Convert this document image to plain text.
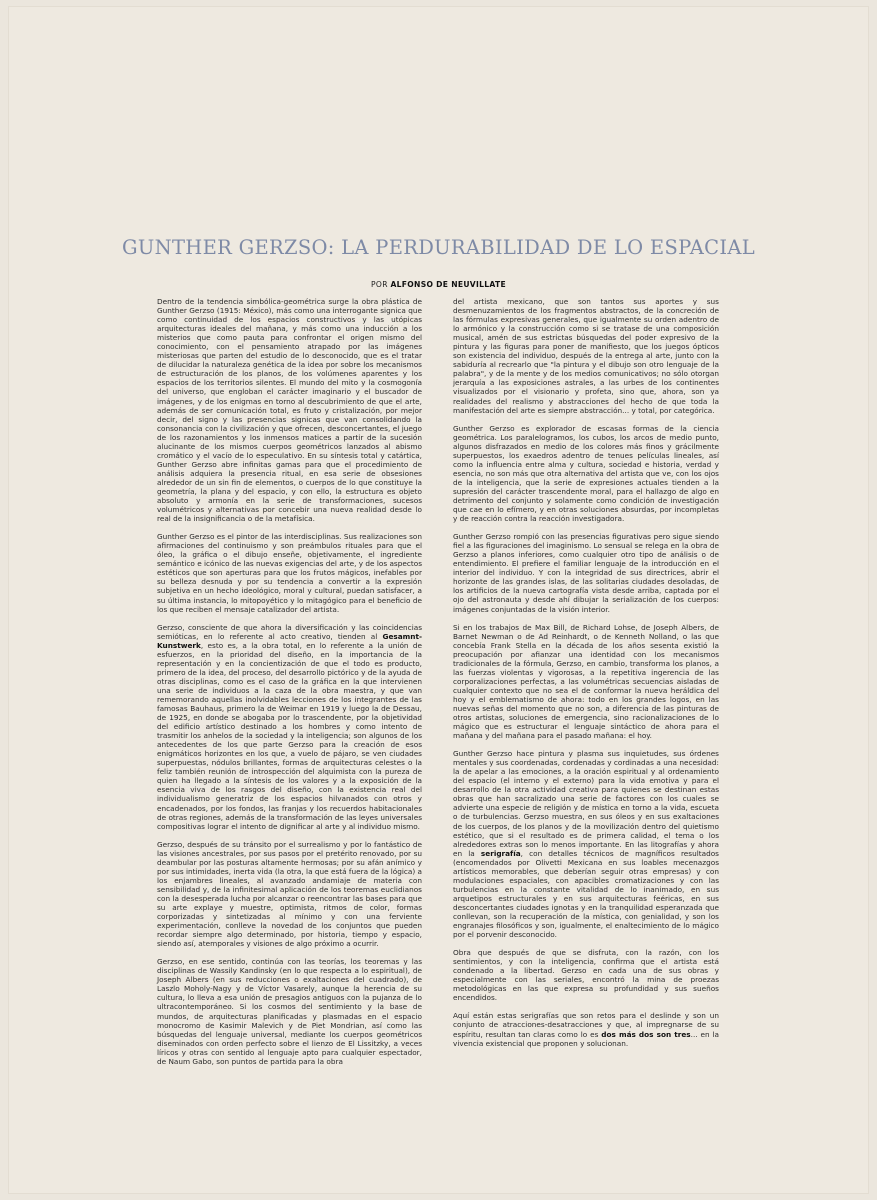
GUNTHER GERZSO: LA PERDURABILIDAD DE LO ESPACIAL
POR ALFONSO DE NEUVILLATE

Dentro de la tendencia simbólica-geométrica surge la obra plástica de Gunther Gerzso (1915: México), más como una interrogante signica que como continuidad de los espacios constructivos y las utópicas arquitecturas ideales del mañana, y más como una inducción a los misterios que como pauta para confrontar el origen mismo del conocimiento, con el pensamiento atrapado por las imágenes misteriosas que parten del estudio de lo desconocido, que es el tratar de dilucidar la naturaleza genética de la idea por sobre los mecanismos de estructuración de los planos, de los volúmenes aparentes y los espacios de los territorios silentes. El mundo del mito y la cosmogonía del universo, que engloban el carácter imaginario y el buscador de imágenes, y de los enigmas en torno al descubrimiento de que el arte, además de ser comunicación total, es fruto y cristalización, por mejor decir, del signo y las presencias signicas que van consolidando la consonancia con la civilización y que ofrecen, desconcertantes, el juego de los razonamientos y los inmensos matices a partir de la sucesión alucinante de los mismos cuerpos geométricos lanzados al abismo cromático y el vacío de lo especulativo. En su síntesis total y catártica, Gunther Gerzso abre infinitas gamas para que el procedimiento de análisis adquiera la presencia ritual, en esa serie de obsesiones alrededor de un sin fin de elementos, o cuerpos de lo que constituye la geometría, la plana y del espacio, y con ello, la estructura es objeto absoluto y armonía en la serie de transformaciones, sucesos volumétricos y alternativas por concebir una nueva realidad desde lo real de la insignificancia o de la metafísica.

Gunther Gerzso es el pintor de las interdisciplinas. Sus realizaciones son afirmaciones del continuismo y son preámbulos rituales para que el óleo, la gráfica o el dibujo enseñe, objetivamente, el ingrediente semántico e icónico de las nuevas exigencias del arte, y de los aspectos estéticos que son aperturas para que los frutos mágicos, inefables por su belleza desnuda y por su tendencia a convertir a la expresión subjetiva en un hecho ideológico, moral y cultural, puedan satisfacer, a su última instancia, lo mitopoyético y lo mitagógico para el beneficio de los que reciben el mensaje catalizador del artista.

Gerzso, consciente de que ahora la diversificación y las coincidencias semióticas, en lo referente al acto creativo, tienden al Gesamnt-Kunstwerk, esto es, a la obra total, en lo referente a la unión de esfuerzos, en la prioridad del diseño, en la importancia de la representación y en la concientización de que el todo es producto, primero de la idea, del proceso, del desarrollo pictórico y de la ayuda de otras disciplinas, como es el caso de la gráfica en la que intervienen una serie de individuos a la caza de la obra maestra, y que van rememorando aquellas inolvidables lecciones de los integrantes de las famosas Bauhaus, primero la de Weimar en 1919 y luego la de Dessau, de 1925, en donde se abogaba por lo trascendente, por la objetividad del edificio artístico destinado a los hombres y como intento de trasmitir los anhelos de la sociedad y la inteligencia; son algunos de los antecedentes de los que parte Gerzso para la creación de esos enigmáticos horizontes en los que, a vuelo de pájaro, se ven ciudades superpuestas, nódulos brillantes, formas de arquitecturas celestes o la feliz también reunión de introspección del alquimista con la pureza de quien ha llegado a la síntesis de los valores y a la exposición de la esencia viva de los rasgos del diseño, con la existencia real del individualismo generatriz de los espacios hilvanados con otros y encadenados, por los fondos, las franjas y los recuerdos habitacionales de otras regiones, además de la transformación de las leyes universales compositivas lograr el intento de dignificar al arte y al individuo mismo.

Gerzso, después de su tránsito por el surrealismo y por lo fantástico de las visiones ancestrales, por sus pasos por el pretérito renovado, por su deambular por las posturas altamente hermosas; por su afán anímico y por sus intimidades, inerta vida (la otra, la que está fuera de la lógica) a los enjambres lineales, al avanzado andamiaje de materia con sensibilidad y, de la infinitesimal aplicación de los teoremas euclidianos con la desesperada lucha por alcanzar o reencontrar las bases para que su arte explaye y muestre, optimista, ritmos de color, formas corporizadas y sintetizadas al mínimo y con una ferviente experimentación, conlleve la novedad de los conjuntos que pueden recordar siempre algo determinado, por historia, tiempo y espacio, siendo así, atemporales y visiones de algo próximo a ocurrir.

Gerzso, en ese sentido, continúa con las teorías, los teoremas y las disciplinas de Wassily Kandinsky (en lo que respecta a lo espiritual), de Joseph Albers (en sus reducciones o exaltaciones del cuadrado), de Laszlo Moholy-Nagy y de Víctor Vasarely, aunque la herencia de su cultura, lo lleva a esa unión de presagios antiguos con la pujanza de lo ultracontemporáneo. Si los cosmos del sentimiento y la base de mundos, de arquitecturas planificadas y plasmadas en el espacio monocromo de Kasimir Malevich y de Piet Mondrian, así como las búsquedas del lenguaje universal, mediante los cuerpos geométricos diseminados con orden perfecto sobre el lienzo de El Lissitzky, a veces líricos y otras con sentido al lenguaje apto para cualquier espectador, de Naum Gabo, son puntos de partida para la obra

del artista mexicano, que son tantos sus aportes y sus desmenuzamientos de los fragmentos abstractos, de la concreción de las fórmulas expresivas generales, que igualmente su orden adentro de lo armónico y la construcción como si se tratase de una composición musical, amén de sus estrictas búsquedas del poder expresivo de la pintura y las figuras para poner de manifiesto, que los juegos ópticos son existencia del individuo, después de la entrega al arte, junto con la sabiduría al recrearlo que "la pintura y el dibujo son otro lenguaje de la palabra", y de la mente y de los medios comunicativos; no sólo otorgan jerarquía a las exposiciones astrales, a las urbes de los continentes visualizados por el visionario y profeta, sino que, ahora, son ya realidades del realismo y abstracciones del hecho de que toda la manifestación del arte es siempre abstracción... y total, por categórica.

Gunther Gerzso es explorador de escasas formas de la ciencia geométrica. Los paralelogramos, los cubos, los arcos de medio punto, algunos disfrazados en medio de los colores más finos y grácilmente superpuestos, los exaedros adentro de tenues películas lineales, así como la influencia entre alma y cultura, sociedad e historia, verdad y esencia, no son más que otra alternativa del artista que ve, con los ojos de la inteligencia, que la serie de expresiones actuales tienden a la supresión del carácter trascendente moral, para el hallazgo de algo en detrimento del conjunto y solamente como condición de investigación que cae en lo efímero, y en otras soluciones absurdas, por incompletas y de reacción contra la reacción investigadora.

Gunther Gerzso rompió con las presencias figurativas pero sigue siendo fiel a las figuraciones del imaginismo. Lo sensual se relega en la obra de Gerzso a planos inferiores, como cualquier otro tipo de análisis o de entendimiento. El prefiere el familiar lenguaje de la introducción en el interior del individuo. Y con la integridad de sus directrices, abrir el horizonte de las grandes islas, de las solitarias ciudades desoladas, de los artificios de la nueva cartografía vista desde arriba, captada por el ojo del astronauta y desde ahí dibujar la serialización de los cuerpos: imágenes conjuntadas de la visión interior.

Si en los trabajos de Max Bill, de Richard Lohse, de Joseph Albers, de Barnet Newman o de Ad Reinhardt, o de Kenneth Nolland, o las que concebía Frank Stella en la década de los años sesenta existió la preocupación por afianzar una identidad con los mecanismos tradicionales de la fórmula, Gerzso, en cambio, transforma los planos, a las fuerzas violentas y vigorosas, a la repetitiva ingerencia de las corporalizaciones perfectas, a las volumétricas secuencias aisladas de cualquier contexto que no sea el de conformar la nueva heráldica del hoy y el emblematismo de ahora: todo en los grandes logos, en las nuevas señas del momento que no son, a diferencia de las pinturas de otros artistas, soluciones de emergencia, sino racionalizaciones de lo mágico que es estructurar el lenguaje sintáctico de ahora para el mañana y del mañana para el pasado mañana: el hoy.

Gunther Gerzso hace pintura y plasma sus inquietudes, sus órdenes mentales y sus coordenadas, cordenadas y cordinadas a una necesidad: la de apelar a las emociones, a la oración espiritual y al ordenamiento del espacio (el interno y el externo) para la vida emotiva y para el desarrollo de la otra actividad creativa para quienes se destinan estas obras que han sacralizado una serie de factores con los cuales se advierte una especie de religión y de mística en torno a la vida, escueta o de turbulencias. Gerzso muestra, en sus óleos y en sus exaltaciones de los cuerpos, de los planos y de la movilización dentro del quietismo estético, que si el resultado es de primera calidad, el tema o los alrededores extras son lo menos importante. En las litografías y ahora en la serigrafía, con detalles técnicos de magníficos resultados (encomendados por Olivetti Mexicana en sus loables mecenazgos artísticos memorables, que deberían seguir otras empresas) y con modulaciones espaciales, con apacibles cromatizaciones y con las turbulencias en la constante vitalidad de lo inanimado, en sus arquetipos estructurales y en sus arquitecturas feéricas, en sus desconcertantes ciudades ignotas y en la tranquilidad esperanzada que conllevan, son la recuperación de la mística, con genialidad, y son los engranajes filosóficos y son, igualmente, el enaltecimiento de lo mágico por el porvenir desconocido.

Obra que después de que se disfruta, con la razón, con los sentimientos, y con la inteligencia, confirma que el artista está condenado a la libertad. Gerzso en cada una de sus obras y especialmente con las seriales, encontró la mina de proezas metodológicas en las que expresa su profundidad y sus sueños encendidos.

Aquí están estas serigrafías que son retos para el deslinde y son un conjunto de atracciones-desatracciones y que, al impregnarse de su espíritu, resultan tan claras como lo es dos más dos son tres... en la vivencia existencial que proponen y solucionan.
